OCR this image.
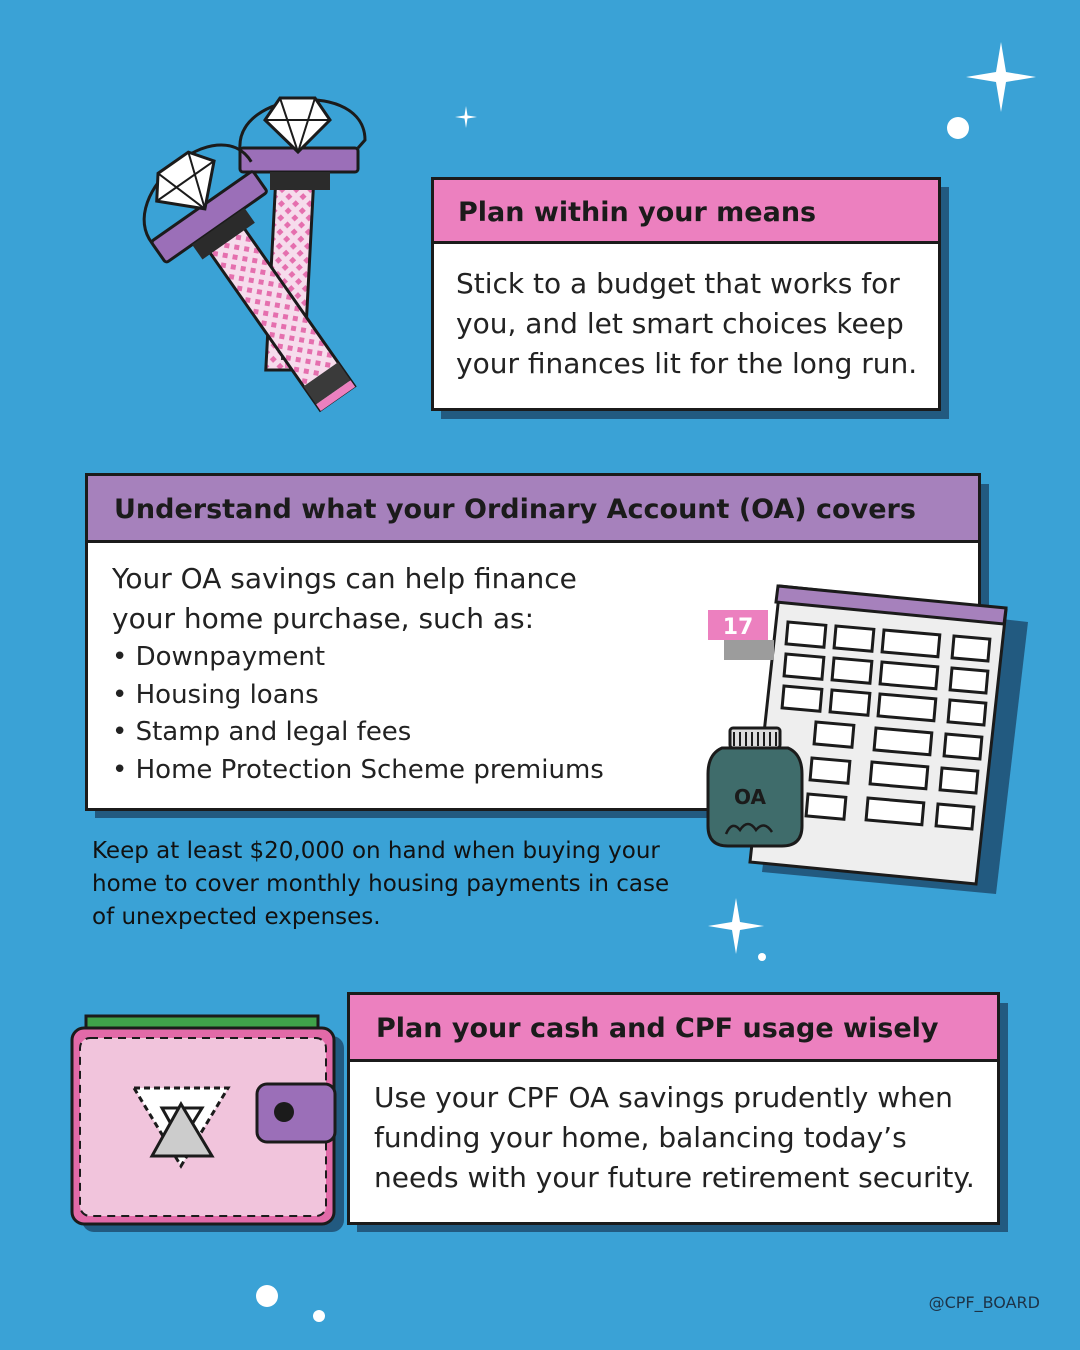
Plan within your means
Stick to a budget that works for you, and let smart choices keep your finances lit for the long run.
Understand what your Ordinary Account (OA) covers
Your OA savings can help finance your home purchase, such as:
• Downpayment
• Housing loans
• Stamp and legal fees
• Home Protection Scheme premiums
17
OA
Keep at least $20,000 on hand when buying your home to cover monthly housing payments in case of unexpected expenses.
Plan your cash and CPF usage wisely
Use your CPF OA savings prudently when funding your home, balancing today’s needs with your future retirement security.
@CPF_BOARD
